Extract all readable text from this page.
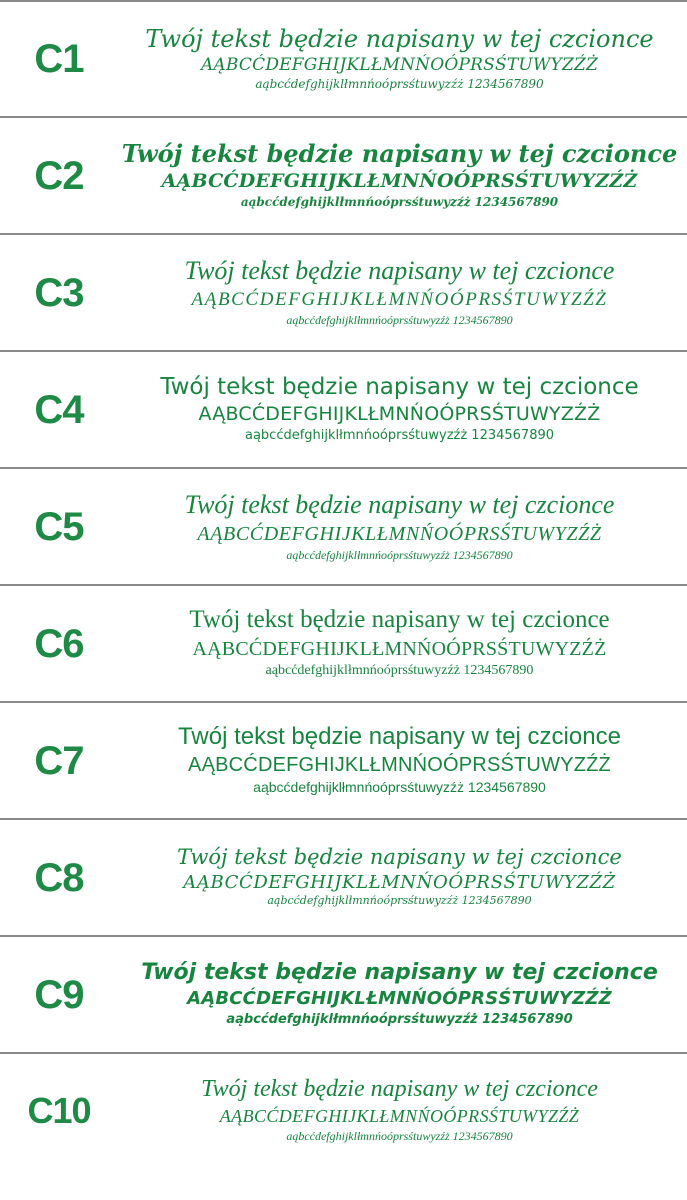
C1	Twój tekst będzie napisany w tej czcionce
AĄBCĆDEFGHIJKLŁMNŃOÓPRSŚTUWYZŹŻ
aąbcćdefghijklłmnńoóprsśtuwyzźż 1234567890
C2
Twój tekst będzie napisany w tej czcionce
AĄBCĆDEFGHIJKLŁMNŃOÓPRSŚTUWYZŹŻ
aąbcćdefghijklłmnńoóprsśtuwyzźż 1234567890
C3	Twój tekst będzie napisany w tej czcionce
AĄBCĆDEFGHIJKLŁMNŃOÓPRSŚTUWYZŹŻ
aąbcćdefghijklłmnńoóprsśtuwyzźż 1234567890
C4
Twój tekst będzie napisany w tej czcionce
AĄBCĆDEFGHIJKLŁMNŃOÓPRSŚTUWYZŹŻ
aąbcćdefghijklłmnńoóprsśtuwyzźż 1234567890
C5
Twój tekst będzie napisany w tej czcionce
AĄBCĆDEFGHIJKLŁMNŃOÓPRSŚTUWYZŹŻ
aąbcćdefghijklłmnńoóprsśtuwyzźż 1234567890
C6
Twój tekst będzie napisany w tej czcionce
AĄBCĆDEFGHIJKLŁMNŃOÓPRSŚTUWYZŹŻ
aąbcćdefghijklłmnńoóprsśtuwyzźż 1234567890
C7
Twój tekst będzie napisany w tej czcionce
AĄBCĆDEFGHIJKLŁMNŃOÓPRSŚTUWYZŹŻ
aąbcćdefghijklłmnńoóprsśtuwyzźż 1234567890
C8	Twój tekst będzie napisany w tej czcionce
AĄBCĆDEFGHIJKLŁMNŃOÓPRSŚTUWYZŹŻ
aąbcćdefghijklłmnńoóprsśtuwyzźż 1234567890
C9
Twój tekst będzie napisany w tej czcionce
AĄBCĆDEFGHIJKLŁMNŃOÓPRSŚTUWYZŹŻ
aąbcćdefghijklłmnńoóprsśtuwyzźż 1234567890
C10
Twój tekst będzie napisany w tej czcionce
AĄBCĆDEFGHIJKLŁMNŃOÓPRSŚTUWYZŹŻ
aąbcćdefghijklłmnńoóprsśtuwyzźż 1234567890
